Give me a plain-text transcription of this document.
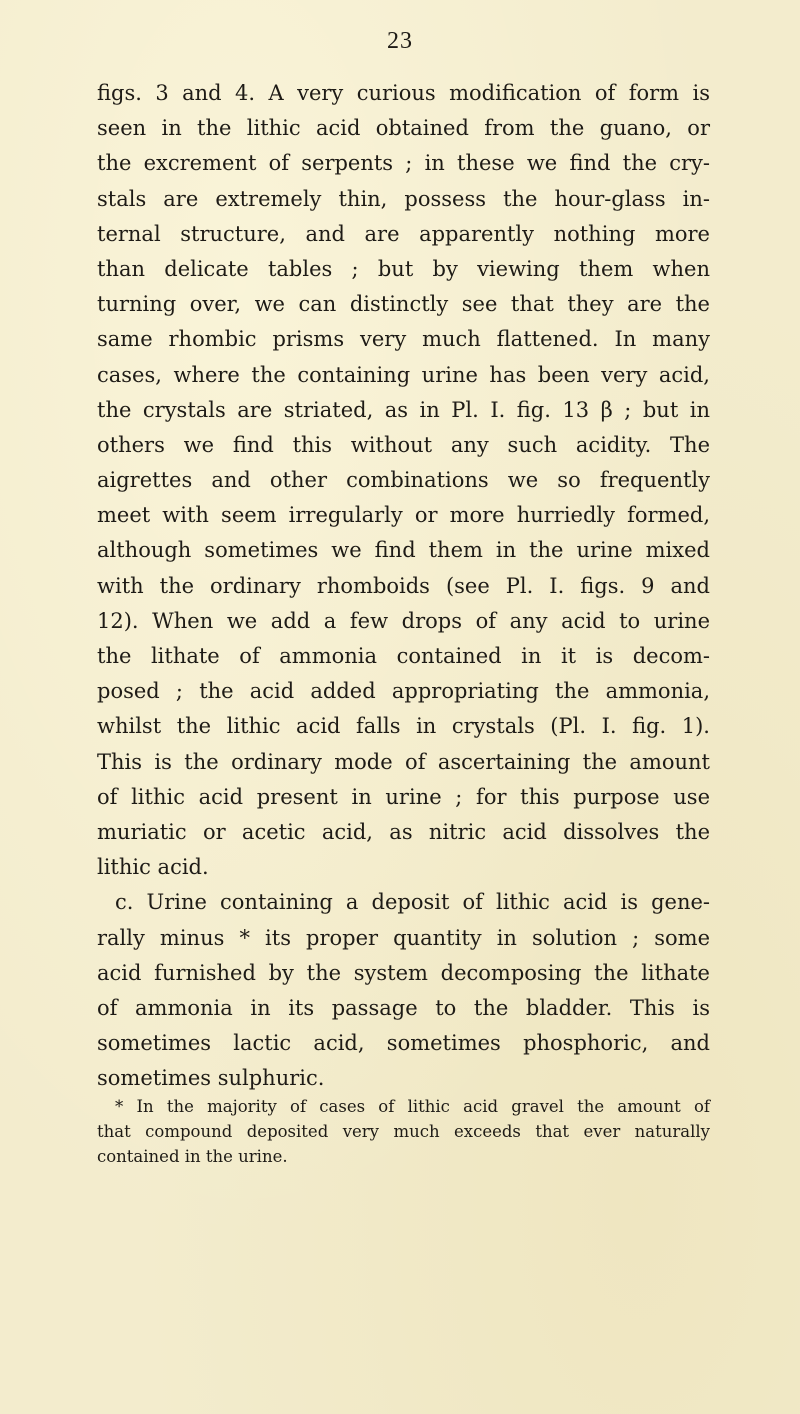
23
figs. 3 and 4. A very curious modification of form is
seen in the lithic acid obtained from the guano, or
the excrement of serpents ; in these we find the cry-
stals are extremely thin, possess the hour-glass in-
ternal structure, and are apparently nothing more
than delicate tables ; but by viewing them when
turning over, we can distinctly see that they are the
same rhombic prisms very much flattened. In many
cases, where the containing urine has been very acid,
the crystals are striated, as in Pl. I. fig. 13 β ; but in
others we find this without any such acidity. The
aigrettes and other combinations we so frequently
meet with seem irregularly or more hurriedly formed,
although sometimes we find them in the urine mixed
with the ordinary rhomboids (see Pl. I. figs. 9 and
12). When we add a few drops of any acid to urine
the lithate of ammonia contained in it is decom-
posed ; the acid added appropriating the ammonia,
whilst the lithic acid falls in crystals (Pl. I. fig. 1).
This is the ordinary mode of ascertaining the amount
of lithic acid present in urine ; for this purpose use
muriatic or acetic acid, as nitric acid dissolves the
lithic acid.
c. Urine containing a deposit of lithic acid is gene-
rally minus * its proper quantity in solution ; some
acid furnished by the system decomposing the lithate
of ammonia in its passage to the bladder. This is
sometimes lactic acid, sometimes phosphoric, and
sometimes sulphuric.
* In the majority of cases of lithic acid gravel the amount of
that compound deposited very much exceeds that ever naturally
contained in the urine.
